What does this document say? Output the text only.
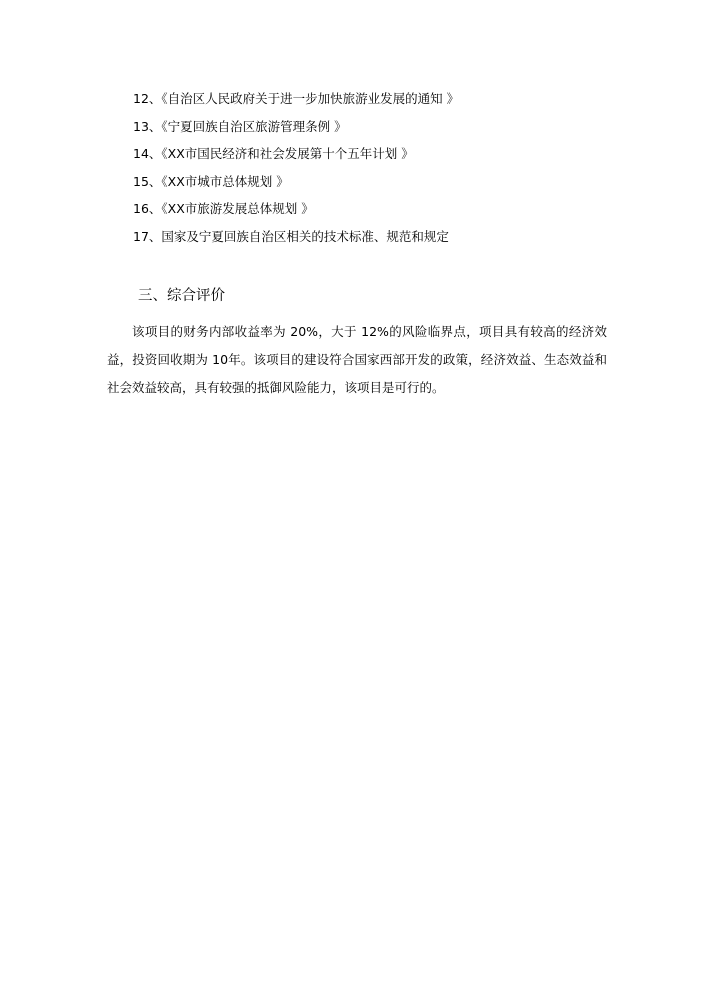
12、《自治区人民政府关于进一步加快旅游业发展的通知 》
13、《宁夏回族自治区旅游管理条例 》
14、《XX市国民经济和社会发展第十个五年计划 》
15、《XX市城市总体规划 》
16、《XX市旅游发展总体规划 》
17、国家及宁夏回族自治区相关的技术标准、规范和规定
三、综合评价

该项目的财务内部收益率为 20%，大于 12%的风险临界点，项目具有较高的经济效益，投资回收期为 10年。该项目的建设符合国家西部开发的政策，经济效益、生态效益和社会效益较高，具有较强的抵御风险能力，该项目是可行的。
